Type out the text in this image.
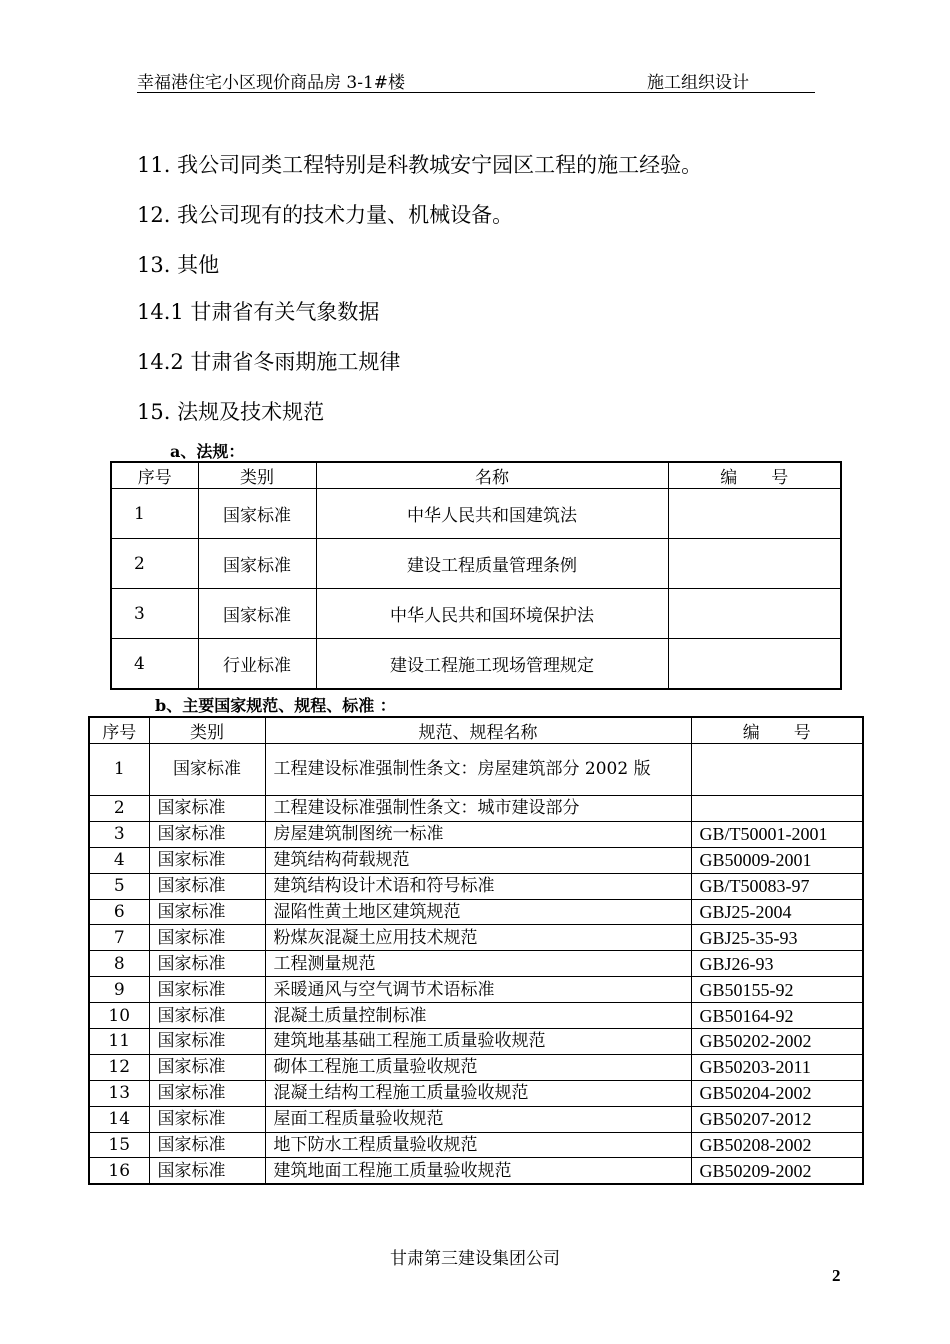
幸福港住宅小区现价商品房 3-1#楼	施工组织设计
11. 我公司同类工程特别是科教城安宁园区工程的施工经验。
12. 我公司现有的技术力量、机械设备。
13. 其他
14.1 甘肃省有关气象数据
14.2 甘肃省冬雨期施工规律
15. 法规及技术规范
a、法规：
序号	类别	名称	编　　号
1	国家标准	中华人民共和国建筑法	
2	国家标准	建设工程质量管理条例	
3	国家标准	中华人民共和国环境保护法	
4	行业标准	建设工程施工现场管理规定	
b、主要国家规范、规程、标准 ：
序号	类别	规范、规程名称	编　　号
1	国家标准	工程建设标准强制性条文：房屋建筑部分 2002 版	
2	国家标准	工程建设标准强制性条文：城市建设部分	
3	国家标准	房屋建筑制图统一标准	GB/T50001-2001
4	国家标准	建筑结构荷载规范	GB50009-2001
5	国家标准	建筑结构设计术语和符号标准	GB/T50083-97
6	国家标准	湿陷性黄土地区建筑规范	GBJ25-2004
7	国家标准	粉煤灰混凝土应用技术规范	GBJ25-35-93
8	国家标准	工程测量规范	GBJ26-93
9	国家标准	采暖通风与空气调节术语标准	GB50155-92
10	国家标准	混凝土质量控制标准	GB50164-92
11	国家标准	建筑地基基础工程施工质量验收规范	GB50202-2002
12	国家标准	砌体工程施工质量验收规范	GB50203-2011
13	国家标准	混凝土结构工程施工质量验收规范	GB50204-2002
14	国家标准	屋面工程质量验收规范	GB50207-2012
15	国家标准	地下防水工程质量验收规范	GB50208-2002
16	国家标准	建筑地面工程施工质量验收规范	GB50209-2002
甘肃第三建设集团公司
2
